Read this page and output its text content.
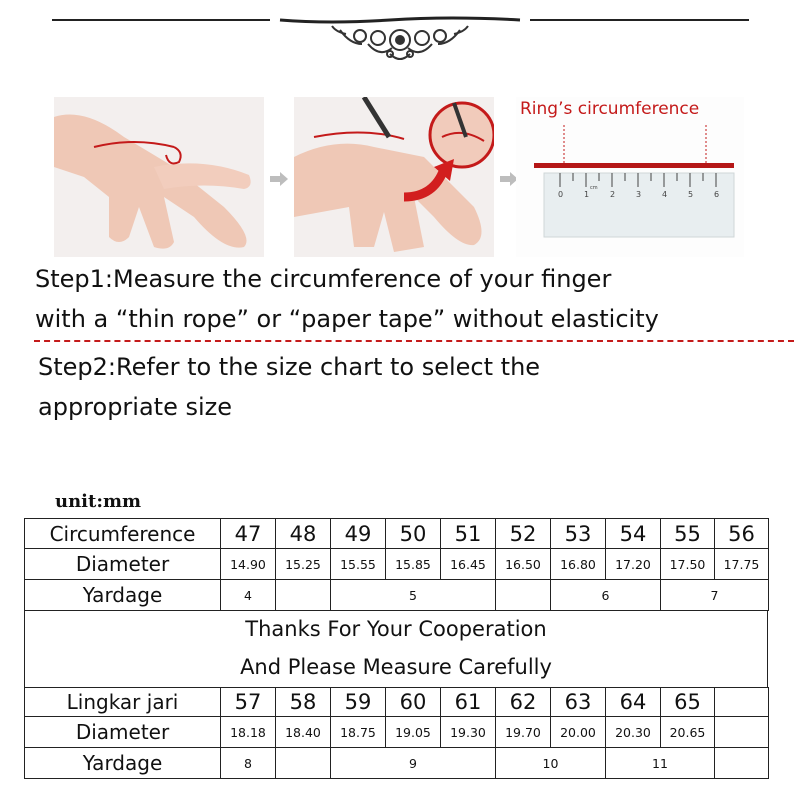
0	1	2	3	4	5	6
cm
Ring’s circumference
Step1:Measure the circumference of your finger
with a “thin rope” or “paper tape” without elasticity
Step2:Refer to the size chart to select the
appropriate size
unit:mm
Circumference	47	48	49	50	51	52	53	54	55	56	
Diameter	14.90	15.25	15.55	15.85	16.45	16.50	16.80	17.20	17.50	17.75	
Yardage	4		5				6		7		
Thanks For Your Cooperation
And Please Measure Carefully
Lingkar jari	57	58	59	60	61	62	63	64	65	
Diameter	18.18	18.40	18.75	19.05	19.30	19.70	20.00	20.30	20.65	
Yardage	8		9			10		11		
